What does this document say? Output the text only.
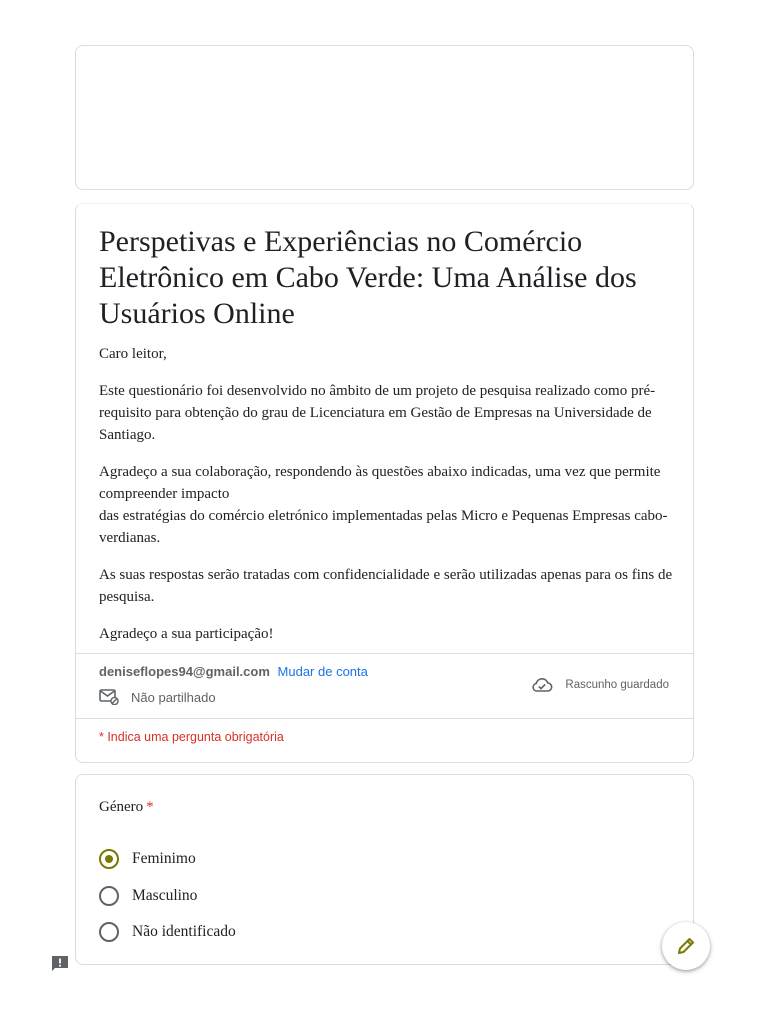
Perspetivas e Experiências no Comércio Eletrônico em Cabo Verde: Uma Análise dos Usuários Online

Caro leitor,

Este questionário foi desenvolvido no âmbito de um projeto de pesquisa realizado como pré-requisito para obtenção do grau de Licenciatura em Gestão de Empresas na Universidade de Santiago.

Agradeço a sua colaboração, respondendo às questões abaixo indicadas, uma vez que permite compreender impacto
das estratégias do comércio eletrónico implementadas pelas Micro e Pequenas Empresas cabo-verdianas.

As suas respostas serão tratadas com confidencialidade e serão utilizadas apenas para os fins de pesquisa.

Agradeço a sua participação!

deniseflopes94@gmail.com Mudar de conta
Não partilhado
Rascunho guardado
* Indica uma pergunta obrigatória
Género *
Feminimo
Masculino
Não identificado
